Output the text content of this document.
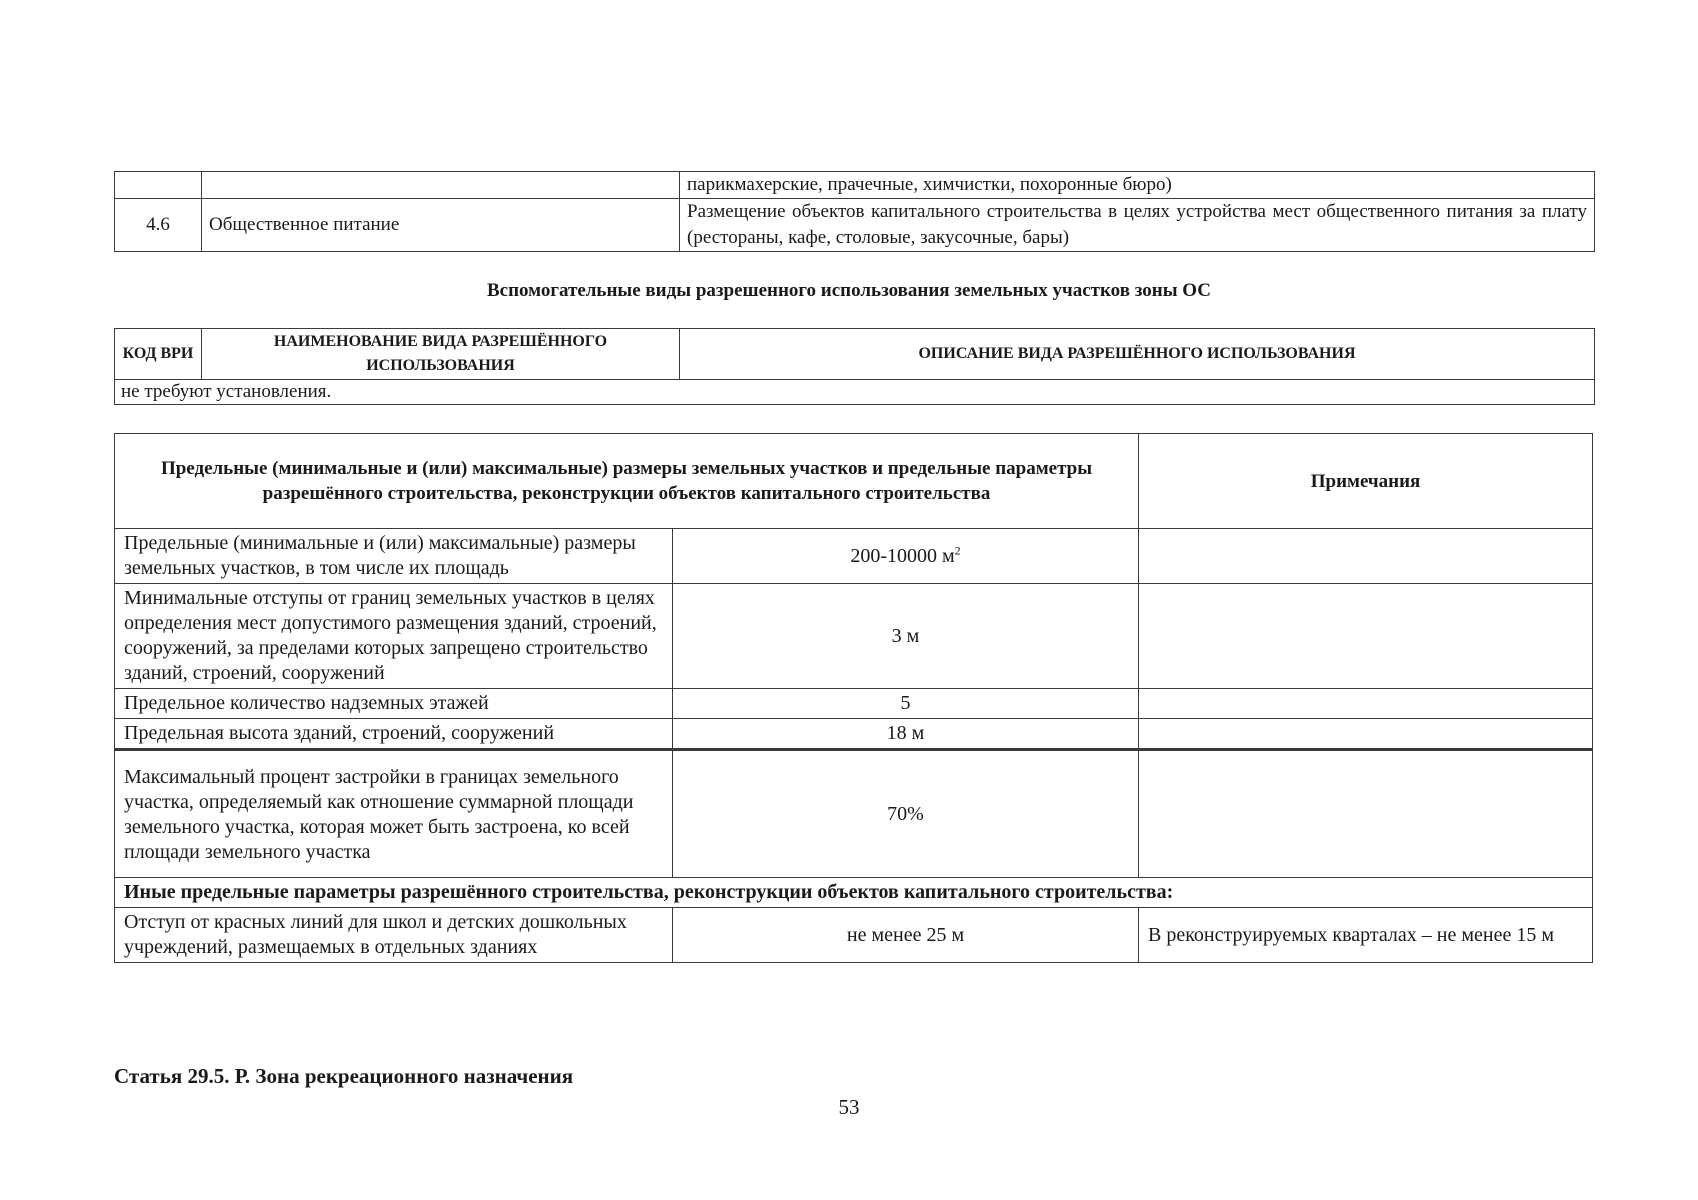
		парикмахерские, прачечные, химчистки, похоронные бюро)
4.6	Общественное питание	Размещение объектов капитального строительства в целях устройства мест общественного питания за плату (рестораны, кафе, столовые, закусочные, бары)
Вспомогательные виды разрешенного использования земельных участков зоны ОС
КОД ВРИ	НАИМЕНОВАНИЕ ВИДА РАЗРЕШЁННОГО ИСПОЛЬЗОВАНИЯ	ОПИСАНИЕ ВИДА РАЗРЕШЁННОГО ИСПОЛЬЗОВАНИЯ
не требуют установления.
Предельные (минимальные и (или) максимальные) размеры земельных участков и предельные параметры разрешённого строительства, реконструкции объектов капитального строительства		Примечания
Предельные (минимальные и (или) максимальные) размеры земельных участков, в том числе их площадь	200-10000 $м^2$	
Минимальные отступы от границ земельных участков в целях определения мест допустимого размещения зданий, строений, сооружений, за пределами которых запрещено строительство зданий, строений, сооружений	3 м	
Предельное количество надземных этажей	5	
Предельная высота зданий, строений, сооружений	18 м	
Максимальный процент застройки в границах земельного участка, определяемый как отношение суммарной площади земельного участка, которая может быть застроена, ко всей площади земельного участка	70%	
Иные предельные параметры разрешённого строительства, реконструкции объектов капитального строительства:		
Отступ от красных линий для школ и детских дошкольных учреждений, размещаемых в отдельных зданиях	не менее 25 м	В реконструируемых кварталах – не менее 15 м
Статья 29.5. Р. Зона рекреационного назначения
53
